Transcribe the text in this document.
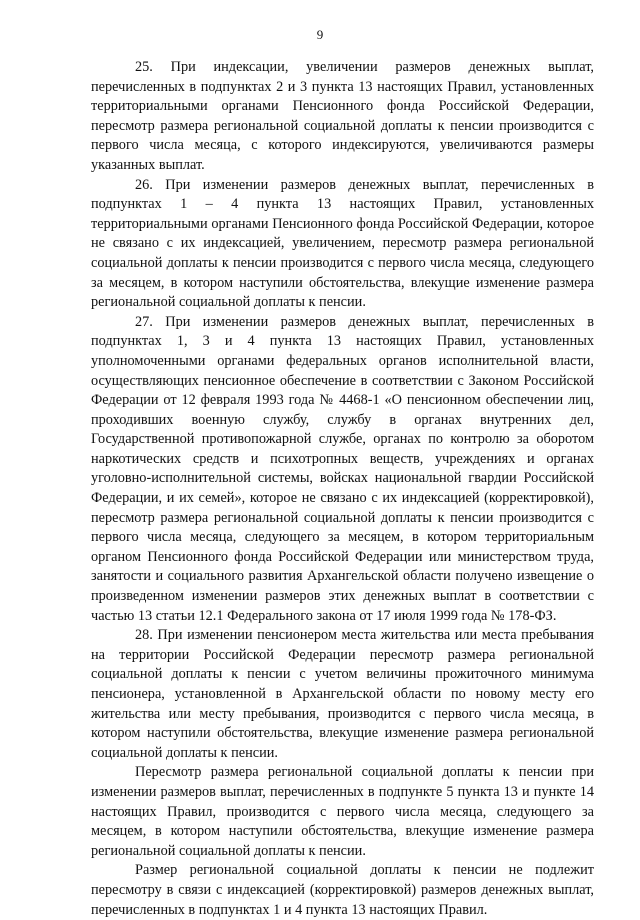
9

25. При индексации, увеличении размеров денежных выплат, перечисленных в подпунктах 2 и 3 пункта 13 настоящих Правил, установленных территориальными органами Пенсионного фонда Российской Федерации, пересмотр размера региональной социальной доплаты к пенсии производится с первого числа месяца, с которого индексируются, увеличиваются размеры указанных выплат.

26. При изменении размеров денежных выплат, перечисленных в подпунктах 1 – 4 пункта 13 настоящих Правил, установленных территориальными органами Пенсионного фонда Российской Федерации, которое не связано с их индексацией, увеличением, пересмотр размера региональной социальной доплаты к пенсии производится с первого числа месяца, следующего за месяцем, в котором наступили обстоятельства, влекущие изменение размера региональной социальной доплаты к пенсии.

27. При изменении размеров денежных выплат, перечисленных в подпунктах 1, 3 и 4 пункта 13 настоящих Правил, установленных уполномоченными органами федеральных органов исполнительной власти, осуществляющих пенсионное обеспечение в соответствии с Законом Российской Федерации от 12 февраля 1993 года № 4468-1 «О пенсионном обеспечении лиц, проходивших военную службу, службу в органах внутренних дел, Государственной противопожарной службе, органах по контролю за оборотом наркотических средств и психотропных веществ, учреждениях и органах уголовно-исполнительной системы, войсках национальной гвардии Российской Федерации, и их семей», которое не связано с их индексацией (корректировкой), пересмотр размера региональной социальной доплаты к пенсии производится с первого числа месяца, следующего за месяцем, в котором территориальным органом Пенсионного фонда Российской Федерации или министерством труда, занятости и социального развития Архангельской области получено извещение о произведенном изменении размеров этих денежных выплат в соответствии с частью 13 статьи 12.1 Федерального закона от 17 июля 1999 года № 178-ФЗ.

28. При изменении пенсионером места жительства или места пребывания на территории Российской Федерации пересмотр размера региональной социальной доплаты к пенсии с учетом величины прожиточного минимума пенсионера, установленной в Архангельской области по новому месту его жительства или месту пребывания, производится с первого числа месяца, в котором наступили обстоятельства, влекущие изменение размера региональной социальной доплаты к пенсии.

Пересмотр размера региональной социальной доплаты к пенсии при изменении размеров выплат, перечисленных в подпункте 5 пункта 13 и пункте 14 настоящих Правил, производится с первого числа месяца, следующего за месяцем, в котором наступили обстоятельства, влекущие изменение размера региональной социальной доплаты к пенсии.

Размер региональной социальной доплаты к пенсии не подлежит пересмотру в связи с индексацией (корректировкой) размеров денежных выплат, перечисленных в подпунктах 1 и 4 пункта 13 настоящих Правил.
